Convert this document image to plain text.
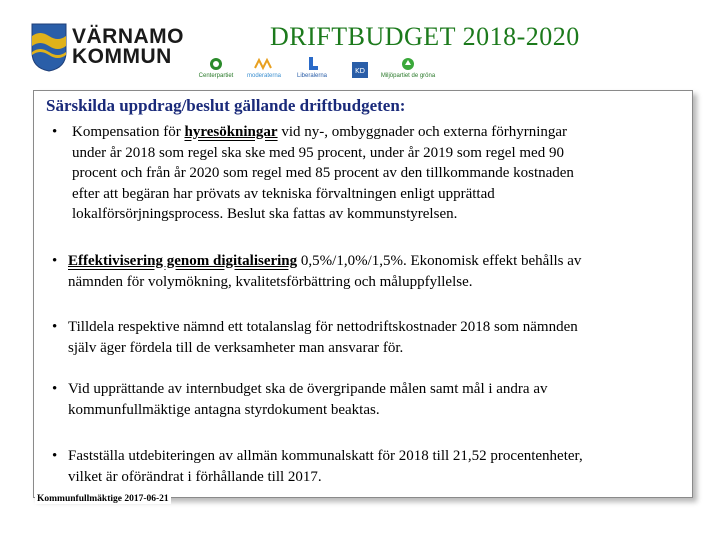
VÄRNAMO
KOMMUN
DRIFTBUDGET 2018-2020
Centerpartiet moderaterna	Liberalerna
KD
Miljöpartiet de gröna
Särskilda uppdrag/beslut gällande driftbudgeten:
• Kompensation för hyresökningar vid ny-, ombyggnader och externa förhyrningar
under år 2018 som regel ska ske med 95 procent, under år 2019 som regel med 90
procent och från år 2020 som regel med 85 procent av den tillkommande kostnaden
efter att begäran har prövats av tekniska förvaltningen enligt upprättad
lokalförsörjningsprocess. Beslut ska fattas av kommunstyrelsen.
• Effektivisering genom digitalisering 0,5%/1,0%/1,5%. Ekonomisk effekt behålls av
nämnden för volymökning, kvalitetsförbättring och måluppfyllelse.
• Tilldela respektive nämnd ett totalanslag för nettodriftskostnader 2018 som nämnden
själv äger fördela till de verksamheter man ansvarar för.
• Vid upprättande av internbudget ska de övergripande målen samt mål i andra av
kommunfullmäktige antagna styrdokument beaktas.
• Fastställa utdebiteringen av allmän kommunalskatt för 2018 till 21,52 procentenheter,
vilket är oförändrat i förhållande till 2017.
Kommunfullmäktige 2017-06-21
